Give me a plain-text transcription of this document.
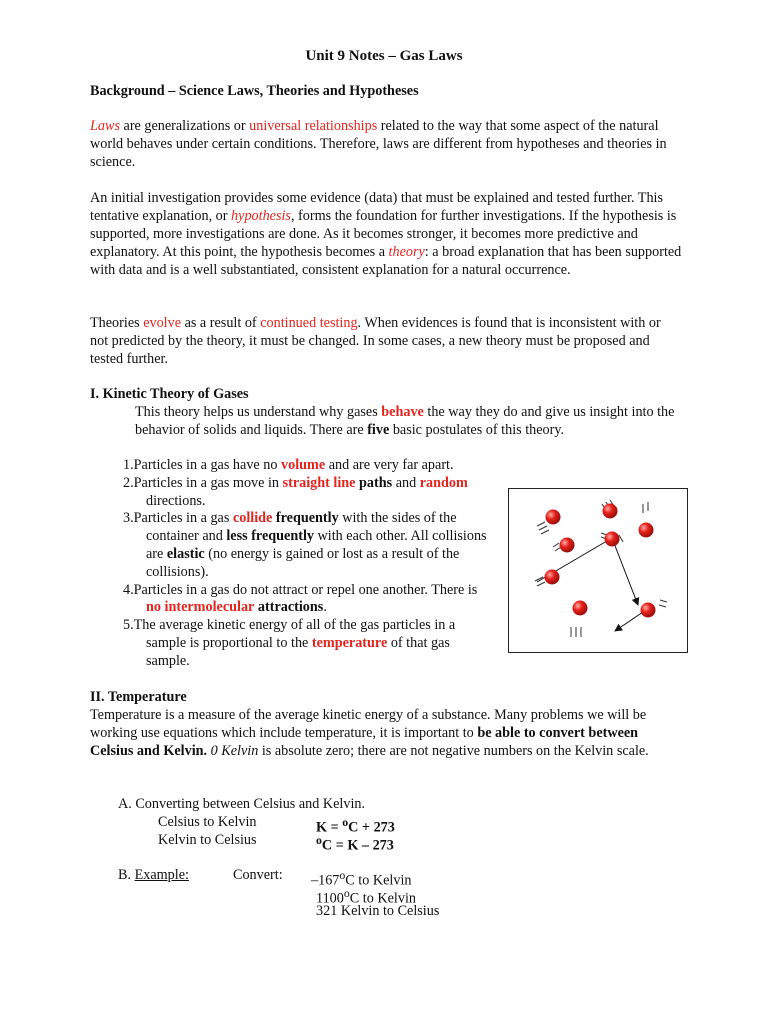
Unit 9 Notes – Gas Laws

Background – Science Laws, Theories and Hypotheses

Laws are generalizations or universal relationships related to the way that some aspect of the natural world behaves under certain conditions. Therefore, laws are different from hypotheses and theories in science.

An initial investigation provides some evidence (data) that must be explained and tested further. This tentative explanation, or hypothesis, forms the foundation for further investigations. If the hypothesis is supported, more investigations are done. As it becomes stronger, it becomes more predictive and explanatory. At this point, the hypothesis becomes a theory: a broad explanation that has been supported with data and is a well substantiated, consistent explanation for a natural occurrence.

Theories evolve as a result of continued testing. When evidences is found that is inconsistent with or not predicted by the theory, it must be changed. In some cases, a new theory must be proposed and tested further.

I. Kinetic Theory of Gases

This theory helps us understand why gases behave the way they do and give us insight into the behavior of solids and liquids. There are five basic postulates of this theory.

1.Particles in a gas have no volume and are very far apart.
2.Particles in a gas move in straight line paths and random directions.
3.Particles in a gas collide frequently with the sides of the container and less frequently with each other. All collisions are elastic (no energy is gained or lost as a result of the collisions).
4.Particles in a gas do not attract or repel one another. There is no intermolecular attractions.
5.The average kinetic energy of all of the gas particles in a sample is proportional to the temperature of that gas sample.

II. Temperature

Temperature is a measure of the average kinetic energy of a substance. Many problems we will be working use equations which include temperature, it is important to be able to convert between Celsius and Kelvin. 0 Kelvin is absolute zero; there are not negative numbers on the Kelvin scale.

A. Converting between Celsius and Kelvin.
Celsius to Kelvin	K = $^o$C + 273
Kelvin to Celsius	$^o$C = K – 273
B. Example:	Convert: –167$^o$C to Kelvin
1100$^o$C to Kelvin
321 Kelvin to Celsius
